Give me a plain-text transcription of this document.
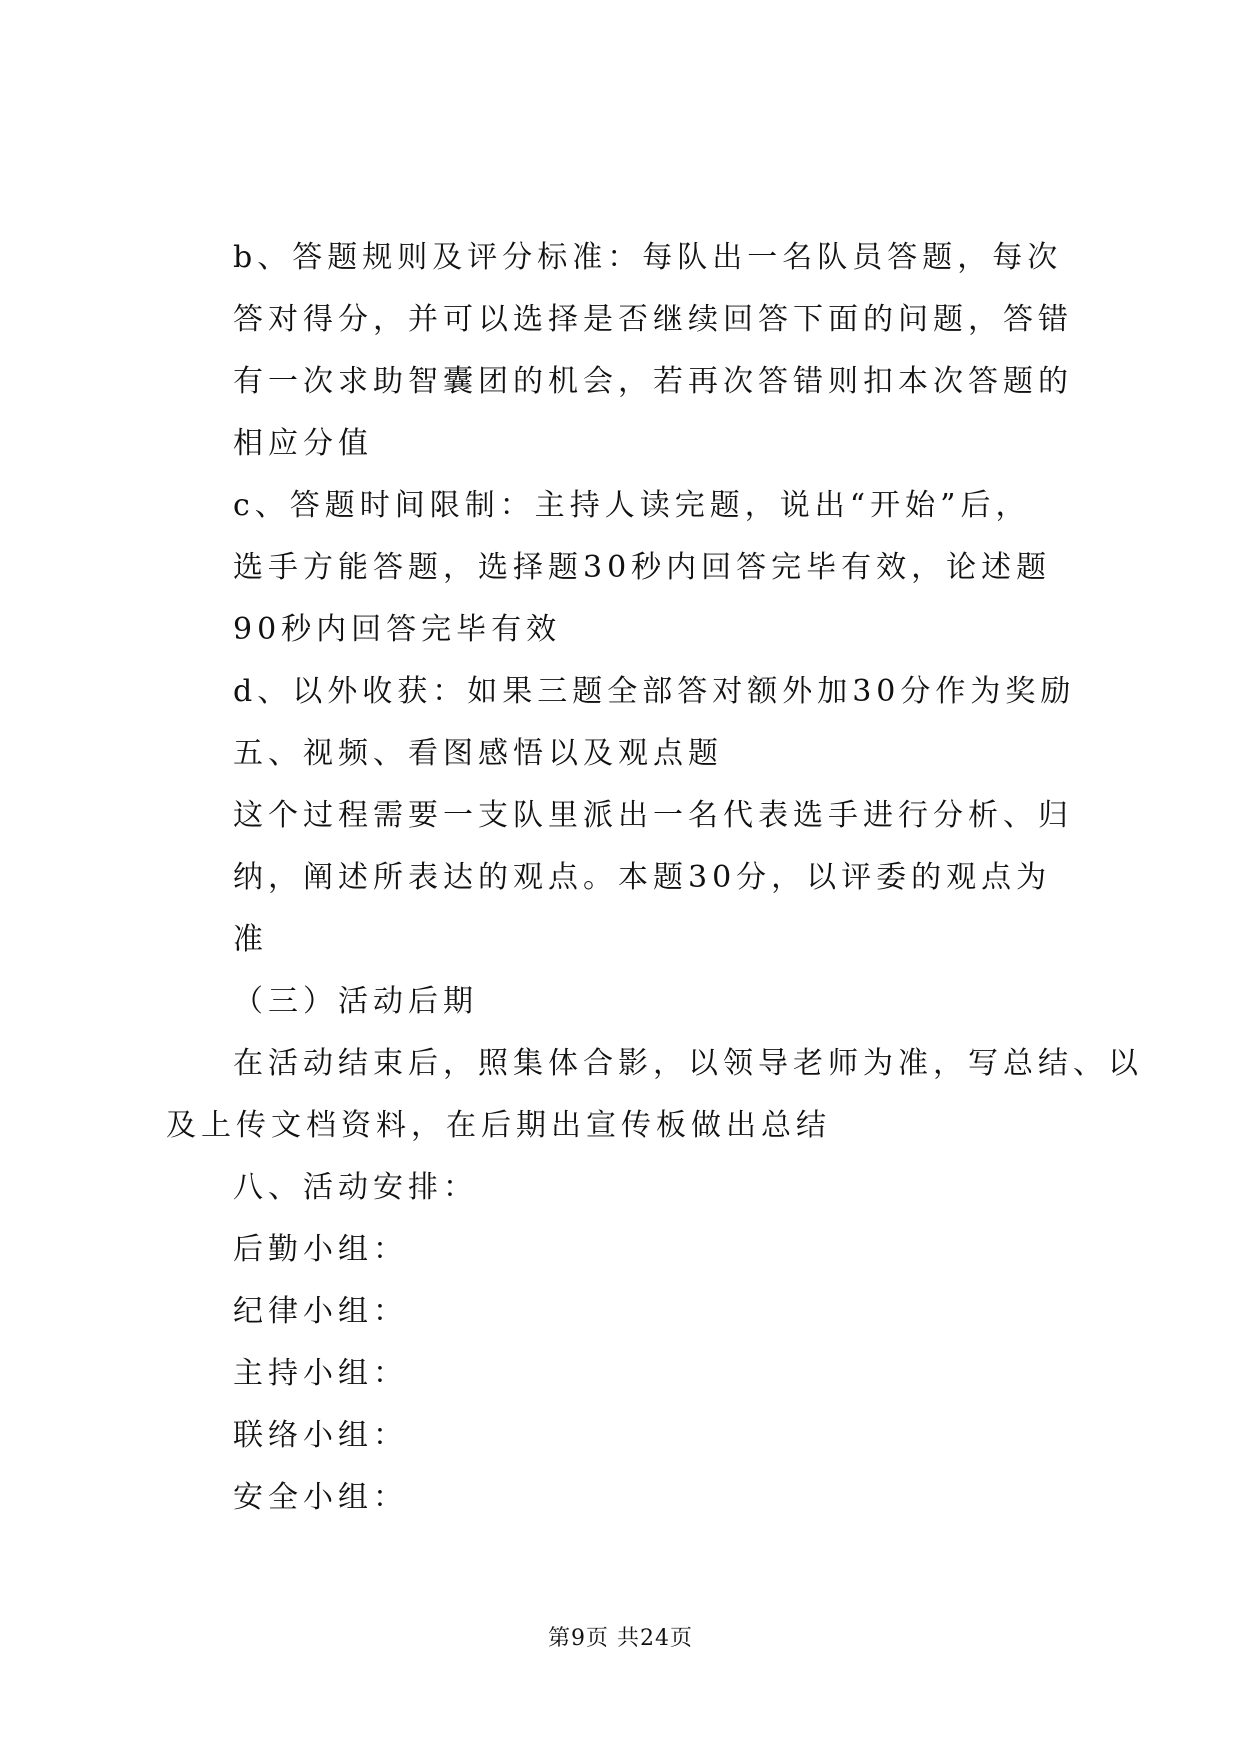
b、答题规则及评分标准：每队出一名队员答题，每次
答对得分，并可以选择是否继续回答下面的问题，答错
有一次求助智囊团的机会，若再次答错则扣本次答题的
相应分值
c、答题时间限制：主持人读完题，说出“开始”后，
选手方能答题，选择题30秒内回答完毕有效，论述题
90秒内回答完毕有效
d、以外收获：如果三题全部答对额外加30分作为奖励
五、视频、看图感悟以及观点题
这个过程需要一支队里派出一名代表选手进行分析、归
纳，阐述所表达的观点。本题30分，以评委的观点为
准
（三）活动后期
在活动结束后，照集体合影，以领导老师为准，写总结、以
及上传文档资料，在后期出宣传板做出总结
八、活动安排：
后勤小组：
纪律小组：
主持小组：
联络小组：
安全小组：
第9页 共24页
